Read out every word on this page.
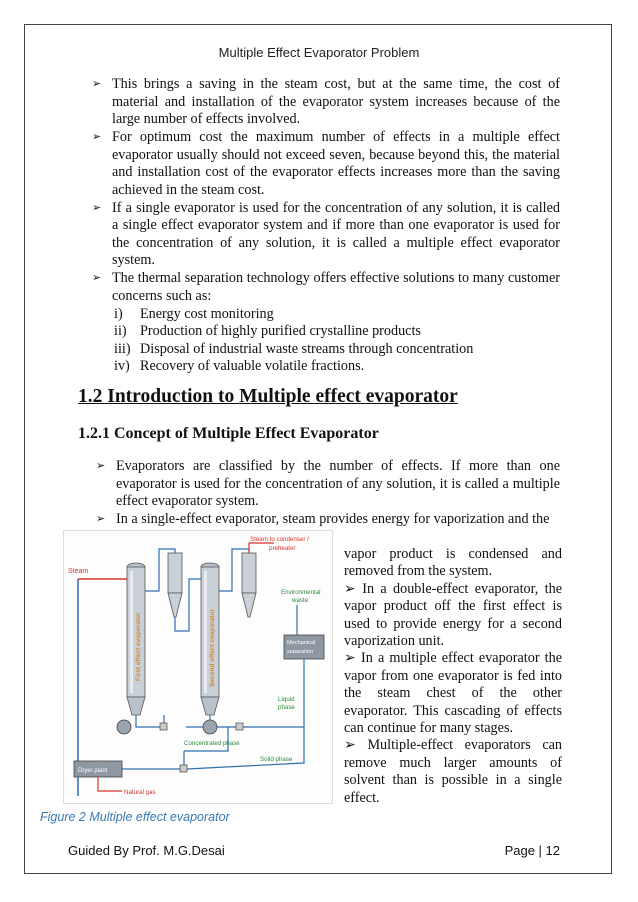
Multiple Effect Evaporator Problem
➢ This brings a saving in the steam cost, but at the same time, the cost of material and installation of the evaporator system increases because of the large number of effects involved.
➢ For optimum cost the maximum number of effects in a multiple effect evaporator usually should not exceed seven, because beyond this, the material and installation cost of the evaporator effects increases more than the saving achieved in the steam cost.
➢ If a single evaporator is used for the concentration of any solution, it is called a single effect evaporator system and if more than one evaporator is used for the concentration of any solution, it is called a multiple effect evaporator system.
➢ The thermal separation technology offers effective solutions to many customer concerns such as:
i)	Energy cost monitoring
ii) Production of highly purified crystalline products
iii) Disposal of industrial waste streams through concentration
iv) Recovery of valuable volatile fractions.
1.2 Introduction to Multiple effect evaporator
1.2.1 Concept of Multiple Effect Evaporator
➢ Evaporators are classified by the number of effects. If more than one evaporator is used for the concentration of any solution, it is called a multiple effect evaporator system.
➢ In a single-effect evaporator, steam provides energy for vaporization and the
Steam
First effect evaporator	Second effect evaporator
Steam to condenser /
preheater
Environmental
waste
Mechanical
separation
Liquid
phase
Concentrated phase
Solid phase
Dryer plant
Natural gas
Figure 2 Multiple effect evaporator

vapor product is condensed and removed from the system.

➢ In a double-effect evaporator, the vapor product off the first effect is used to provide energy for a second vaporization unit.

➢ In a multiple effect evaporator the vapor from one evaporator is fed into the steam chest of the other evaporator. This cascading of effects can continue for many stages.

➢ Multiple-effect evaporators can remove much larger amounts of solvent than is possible in a single effect.

Guided By Prof. M.G.Desai	Page | 12
